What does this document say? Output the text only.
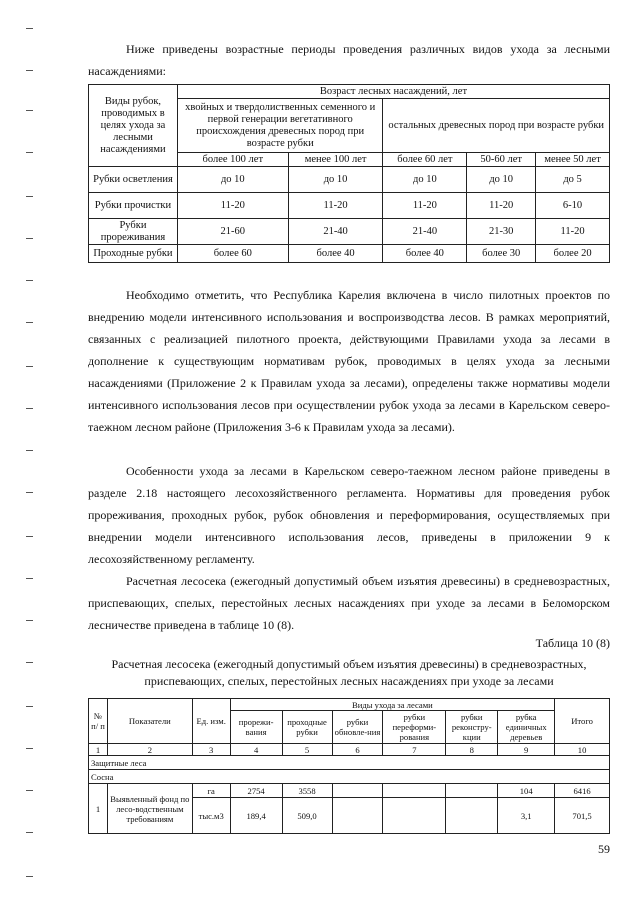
Ниже приведены возрастные периоды проведения различных видов ухода за лесными насаждениями:

Виды рубок, проводимых в целях ухода за лесными насаждениями	Возраст лесных насаждений, лет				
	хвойных и твердолиственных семенного и первой генерации вегетативного происхождения древесных пород при возрасте рубки		остальных древесных пород при возрасте рубки		
	более 100 лет	менее 100 лет	более 60 лет	50-60 лет	менее 50 лет
Рубки осветления	до 10	до 10	до 10	до 10	до 5
Рубки прочистки	11-20	11-20	11-20	11-20	6-10
Рубки прореживания	21-60	21-40	21-40	21-30	11-20
Проходные рубки	более 60	более 40	более 40	более 30	более 20

Необходимо отметить, что Республика Карелия включена в число пилотных проектов по внедрению модели интенсивного использования и воспроизводства лесов. В рамках мероприятий, связанных с реализацией пилотного проекта, действующими Правилами ухода за лесами в дополнение к существующим нормативам рубок, проводимых в целях ухода за лесными насаждениями (Приложение 2 к Правилам ухода за лесами), определены также нормативы модели интенсивного использования лесов при осуществлении рубок ухода за лесами в Карельском северо-таежном лесном районе (Приложения 3-6 к Правилам ухода за лесами).

Особенности ухода за лесами в Карельском северо-таежном лесном районе приведены в разделе 2.18 настоящего лесохозяйственного регламента. Нормативы для проведения рубок прореживания, проходных рубок, рубок обновления и переформирования, осуществляемых при внедрении модели интенсивного использования лесов, приведены в приложении 9 к лесохозяйственному регламенту.

Расчетная лесосека (ежегодный допустимый объем изъятия древесины) в средневозрастных, приспевающих, спелых, перестойных лесных насаждениях при уходе за лесами в Беломорском лесничестве приведена в таблице 10 (8).

Таблица 10 (8)
Расчетная лесосека (ежегодный допустимый объем изъятия древесины) в средневозрастных, приспевающих, спелых, перестойных лесных насаждениях при уходе за лесами
№ п/ п	Показатели	Ед. изм.	Виды ухода за лесами						Итого
			прорежи-вания	проходные рубки	рубки обновле-ния	рубки переформи-рования	рубки реконстру-кции	рубка единичных деревьев	
1	2	3	4	5	6	7	8	9	10
Защитные леса									
Сосна									
1	Выявленный фонд по лесо-водственным требованиям	га	2754	3558				104	6416
		тыс.м3	189,4	509,0				3,1	701,5
59
